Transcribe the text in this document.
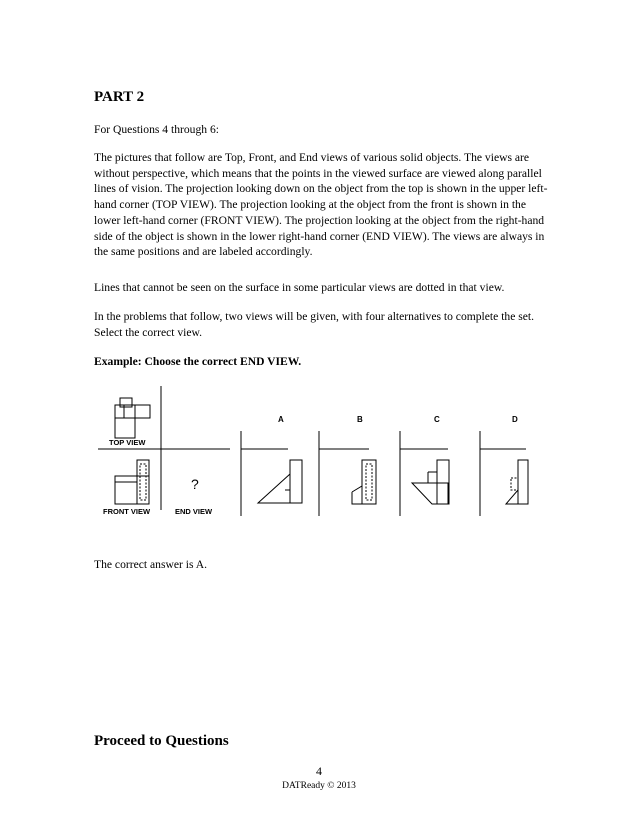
PART 2
For Questions 4 through 6:
The pictures that follow are Top, Front, and End views of various solid objects. The views are without perspective, which means that the points in the viewed surface are viewed along parallel lines of vision. The projection looking down on the object from the top is shown in the upper left-hand corner (TOP VIEW). The projection looking at the object from the front is shown in the lower left-hand corner (FRONT VIEW). The projection looking at the object from the right-hand side of the object is shown in the lower right-hand corner (END VIEW). The views are always in the same positions and are labeled accordingly.
Lines that cannot be seen on the surface in some particular views are dotted in that view.
In the problems that follow, two views will be given, with four alternatives to complete the set. Select the correct view.
Example: Choose the correct END VIEW.
TOP VIEW
FRONT VIEW	END VIEW
?
A	B	C	D
The correct answer is A.
Proceed to Questions
4
DATReady © 2013
